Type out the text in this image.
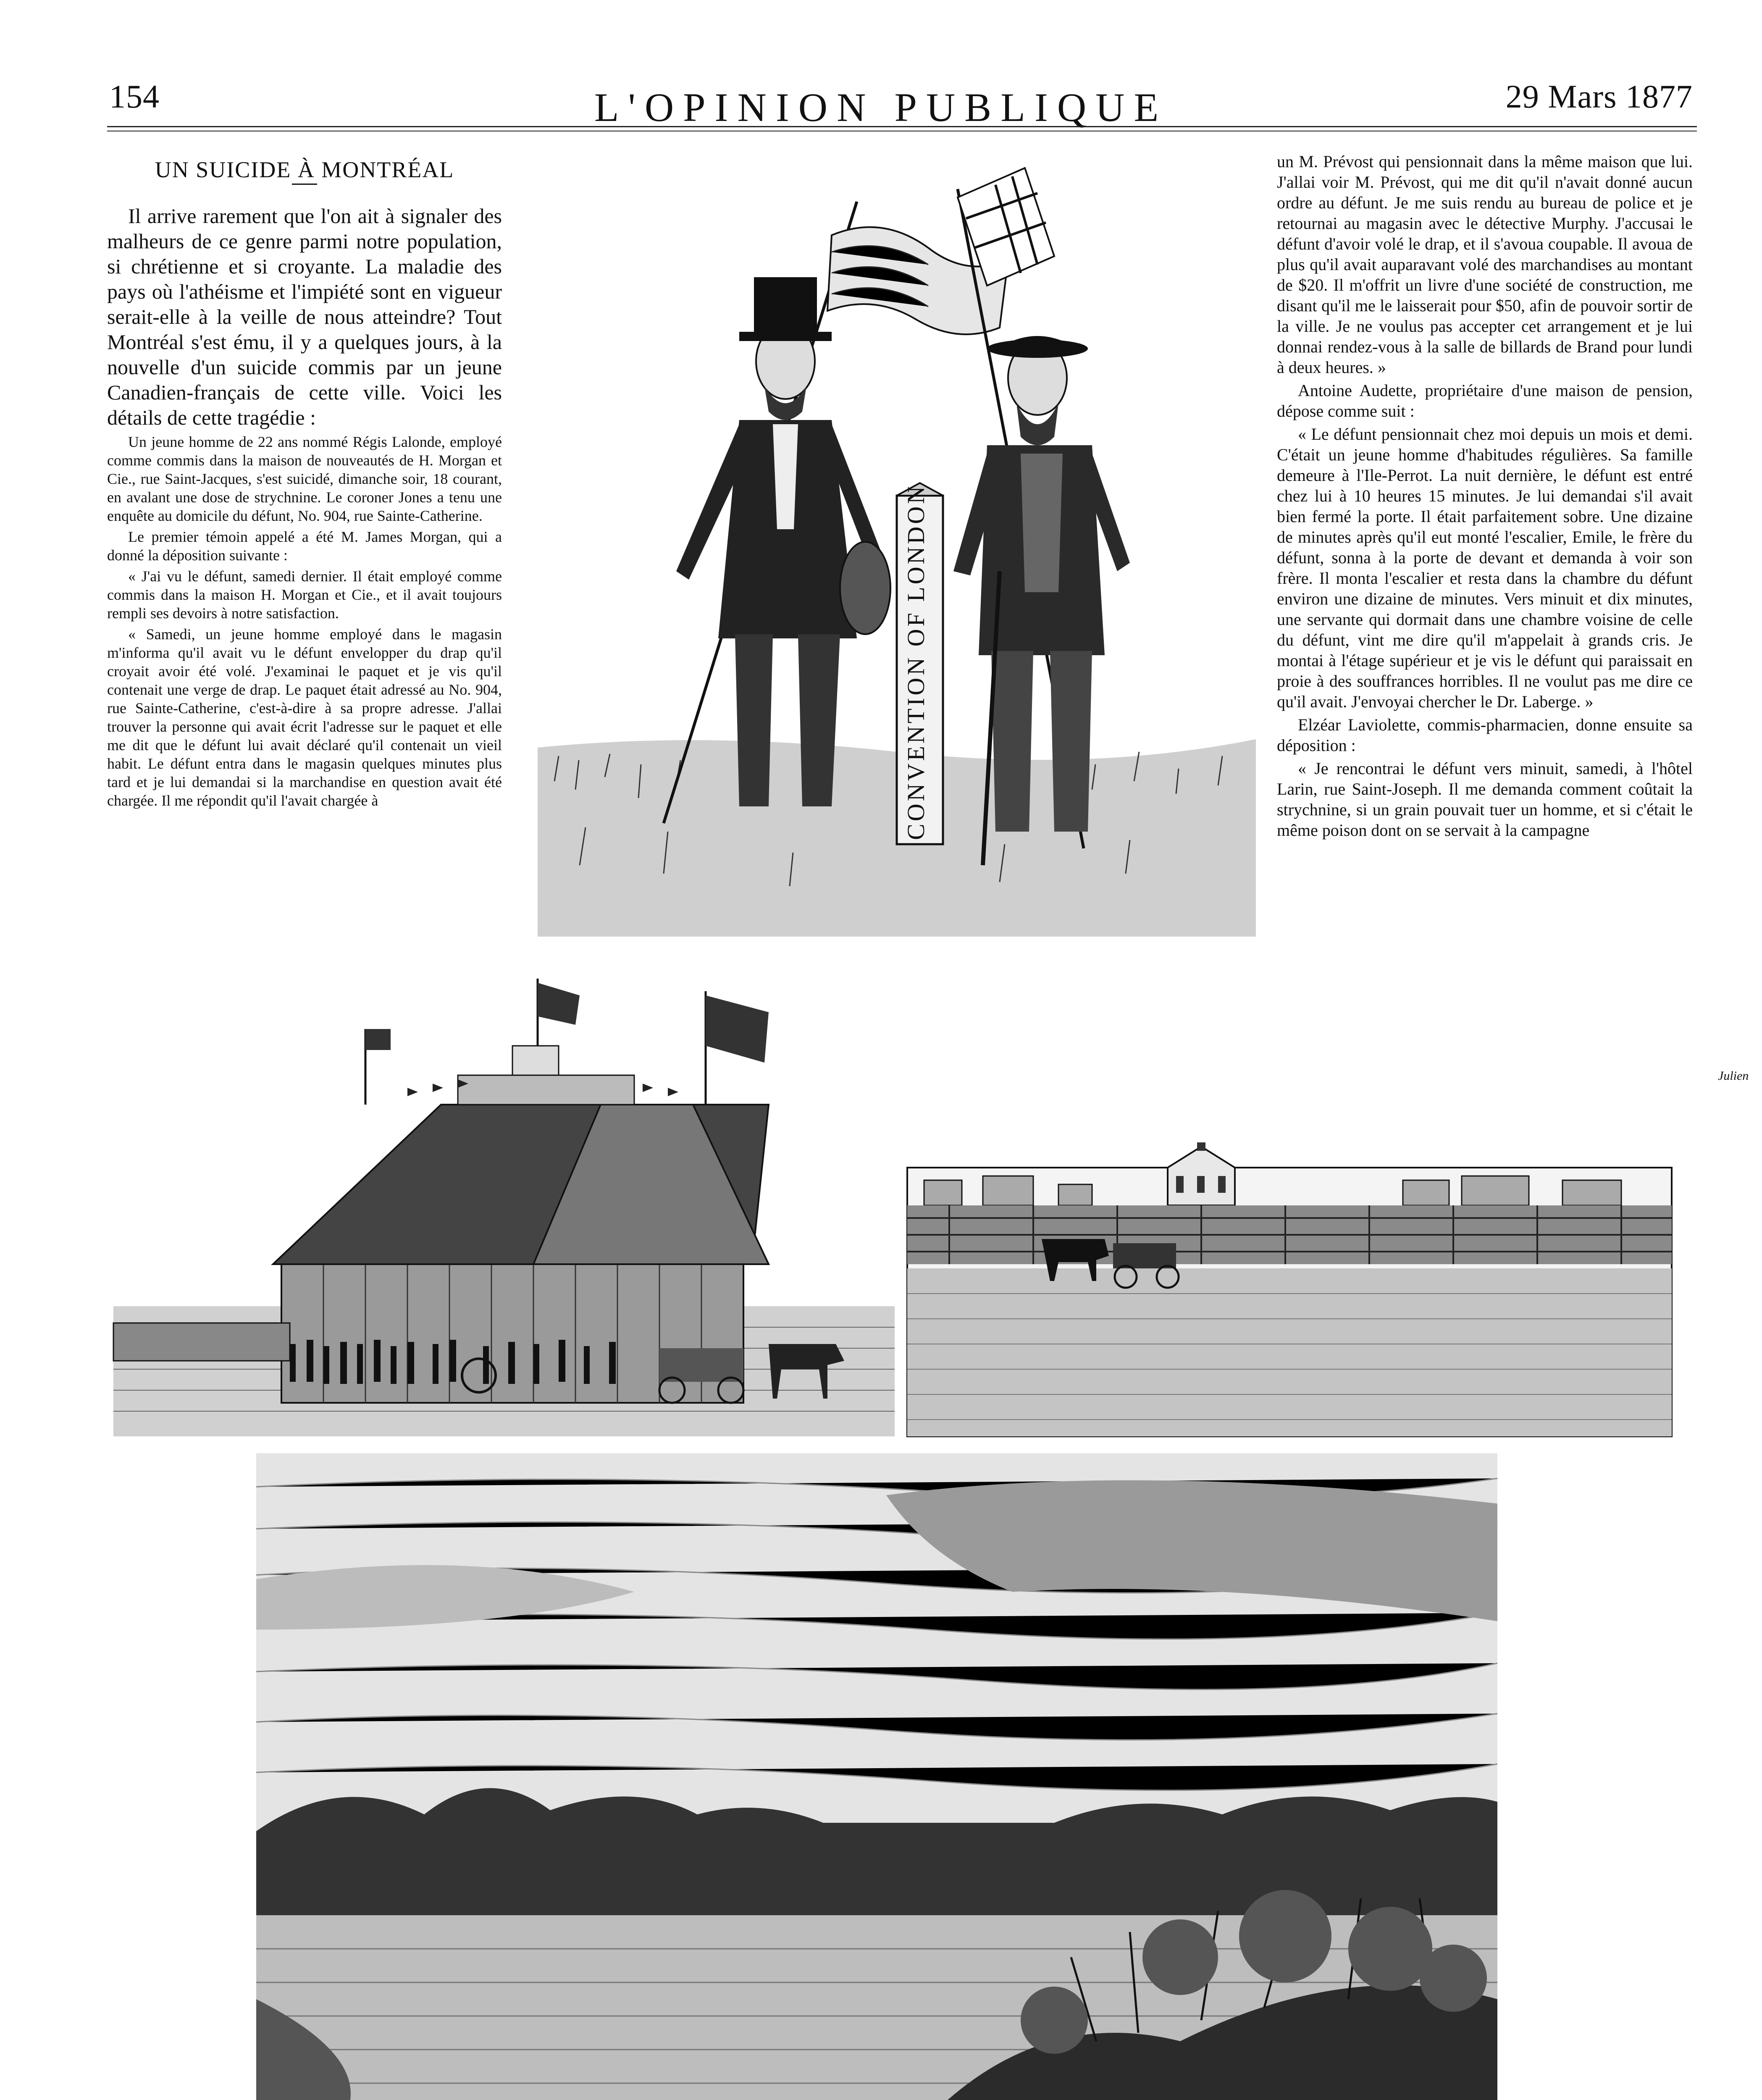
154	L'OPINION PUBLIQUE	29 Mars 1877
UN SUICIDE À MONTRÉAL

Il arrive rarement que l'on ait à signaler des malheurs de ce genre parmi notre population, si chrétienne et si croyante. La maladie des pays où l'athéisme et l'impiété sont en vigueur serait-elle à la veille de nous atteindre? Tout Montréal s'est ému, il y a quelques jours, à la nouvelle d'un suicide commis par un jeune Canadien-français de cette ville. Voici les détails de cette tragédie :

Un jeune homme de 22 ans nommé Régis Lalonde, employé comme commis dans la maison de nouveautés de H. Morgan et Cie., rue Saint-Jacques, s'est suicidé, dimanche soir, 18 courant, en avalant une dose de strychnine. Le coroner Jones a tenu une enquête au domicile du défunt, No. 904, rue Sainte-Catherine.

Le premier témoin appelé a été M. James Morgan, qui a donné la déposition suivante :

« J'ai vu le défunt, samedi dernier. Il était employé comme commis dans la maison H. Morgan et Cie., et il avait toujours rempli ses devoirs à notre satisfaction.

« Samedi, un jeune homme employé dans le magasin m'informa qu'il avait vu le défunt envelopper du drap qu'il croyait avoir été volé. J'examinai le paquet et je vis qu'il contenait une verge de drap. Le paquet était adressé au No. 904, rue Sainte-Catherine, c'est-à-dire à sa propre adresse. J'allai trouver la personne qui avait écrit l'adresse sur le paquet et elle me dit que le défunt lui avait déclaré qu'il contenait un vieil habit. Le défunt entra dans le magasin quelques minutes plus tard et je lui demandai si la marchandise en question avait été chargée. Il me répondit qu'il l'avait chargée à

un M. Prévost qui pensionnait dans la même maison que lui. J'allai voir M. Prévost, qui me dit qu'il n'avait donné aucun ordre au défunt. Je me suis rendu au bureau de police et je retournai au magasin avec le détective Murphy. J'accusai le défunt d'avoir volé le drap, et il s'avoua coupable. Il avoua de plus qu'il avait auparavant volé des marchandises au montant de $20. Il m'offrit un livre d'une société de construction, me disant qu'il me le laisserait pour $50, afin de pouvoir sortir de la ville. Je ne voulus pas accepter cet arrangement et je lui donnai rendez-vous à la salle de billards de Brand pour lundi à deux heures. »

Antoine Audette, propriétaire d'une maison de pension, dépose comme suit :

« Le défunt pensionnait chez moi depuis un mois et demi. C'était un jeune homme d'habitudes régulières. Sa famille demeure à l'Ile-Perrot. La nuit dernière, le défunt est entré chez lui à 10 heures 15 minutes. Je lui demandai s'il avait bien fermé la porte. Il était parfaitement sobre. Une dizaine de minutes après qu'il eut monté l'escalier, Emile, le frère du défunt, sonna à la porte de devant et demanda à voir son frère. Il monta l'escalier et resta dans la chambre du défunt environ une dizaine de minutes. Vers minuit et dix minutes, une servante qui dormait dans une chambre voisine de celle du défunt, vint me dire qu'il m'appelait à grands cris. Je montai à l'étage supérieur et je vis le défunt qui paraissait en proie à des souffrances horribles. Il ne voulut pas me dire ce qu'il avait. J'envoyai chercher le Dr. Laberge. »

Elzéar Laviolette, commis-pharmacien, donne ensuite sa déposition :

« Je rencontrai le défunt vers minuit, samedi, à l'hôtel Larin, rue Saint-Joseph. Il me demanda comment coûtait la strychnine, si un grain pouvait tuer un homme, et si c'était le même poison dont on se servait à la campagne

CONVENTION OF LONDON
Julien
